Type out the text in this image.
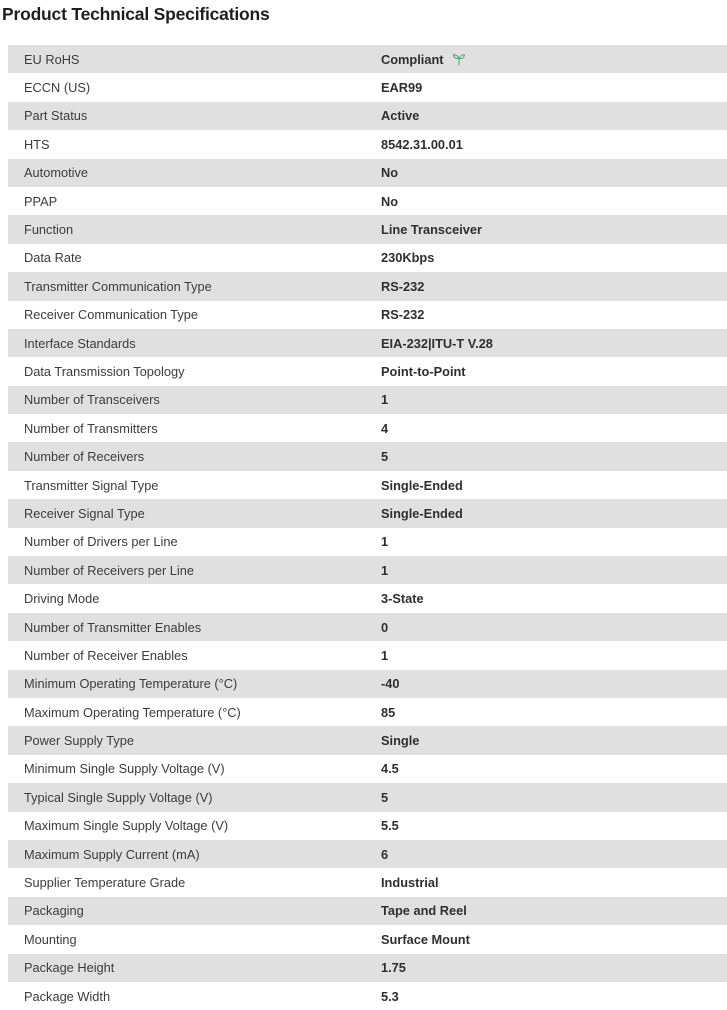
Product Technical Specifications
EU RoHS	Compliant
ECCN (US)	EAR99
Part Status	Active
HTS	8542.31.00.01
Automotive	No
PPAP	No
Function	Line Transceiver
Data Rate	230Kbps
Transmitter Communication Type	RS-232
Receiver Communication Type	RS-232
Interface Standards	EIA-232|ITU-T V.28
Data Transmission Topology	Point-to-Point
Number of Transceivers	1
Number of Transmitters	4
Number of Receivers	5
Transmitter Signal Type	Single-Ended
Receiver Signal Type	Single-Ended
Number of Drivers per Line	1
Number of Receivers per Line	1
Driving Mode	3-State
Number of Transmitter Enables	0
Number of Receiver Enables	1
Minimum Operating Temperature (°C)	-40
Maximum Operating Temperature (°C)	85
Power Supply Type	Single
Minimum Single Supply Voltage (V)	4.5
Typical Single Supply Voltage (V)	5
Maximum Single Supply Voltage (V)	5.5
Maximum Supply Current (mA)	6
Supplier Temperature Grade	Industrial
Packaging	Tape and Reel
Mounting	Surface Mount
Package Height	1.75
Package Width	5.3
